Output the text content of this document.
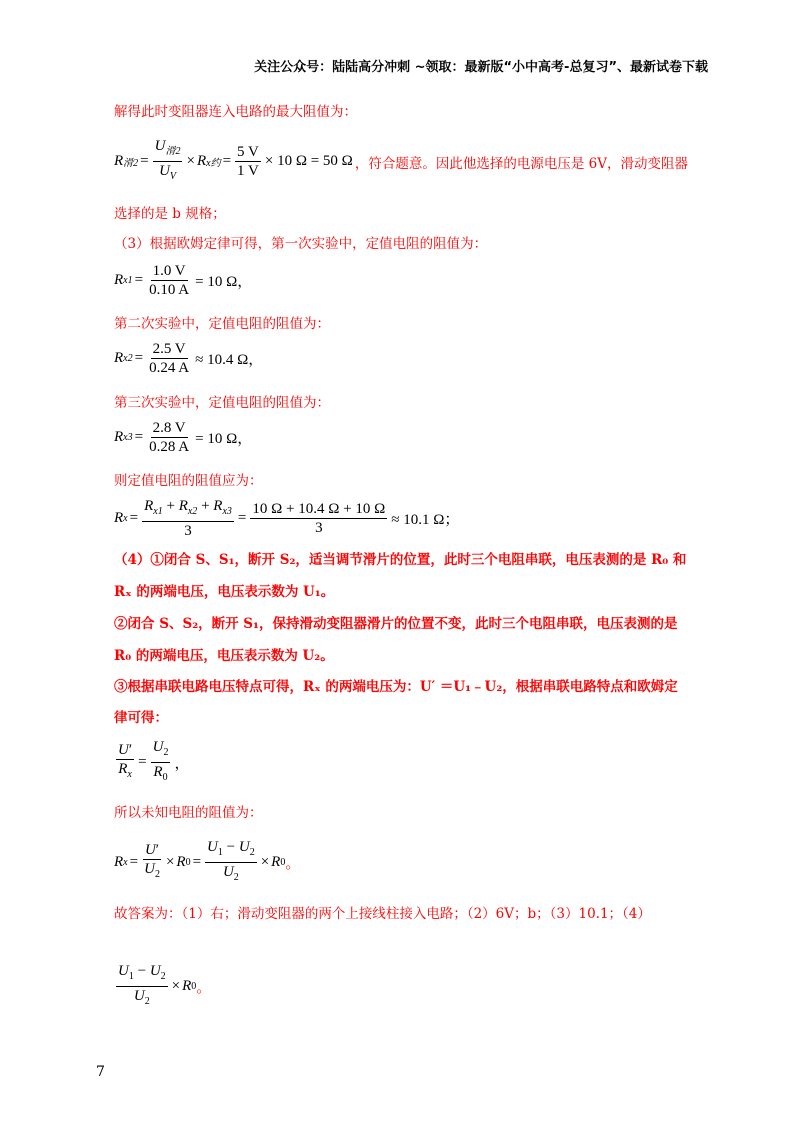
关注公众号：陆陆高分冲刺 ~领取：最新版“小中高考-总复习”、最新试卷下载
解得此时变阻器连入电路的最大阻值为：
R 滑$2 = \frac{U_{滑2}}{U_V} \times R$ x约 = $\frac{5 V}{1 V} \times 10$ Ω = 50 Ω ，符合题意。因此他选择的电源电压是 6V，滑动变阻器
选择的是 b 规格；
（3）根据欧姆定律可得，第一次实验中，定值电阻的阻值为：
R $x1 = \frac{1.0 V}{0.10 A} = 10$ Ω，
第二次实验中，定值电阻的阻值为：
R $x2 = \frac{2.5 V}{0.24 A} \approx 10.4$ Ω，
第三次实验中，定值电阻的阻值为：
R $x3 = \frac{2.8 V}{0.28 A} = 10$ Ω，
则定值电阻的阻值应为：
R $x = \frac{R_{x1} + R_{x2} + R_{x3}}{3} = \frac{10 \Omega + 10.4 \Omega + 10 \Omega}{3} \approx 10.1$ Ω；
（4）①闭合 S、S₁，断开 S₂，适当调节滑片的位置，此时三个电阻串联，电压表测的是 R₀ 和
Rₓ 的两端电压，电压表示数为 U₁。
②闭合 S、S₂，断开 S₁，保持滑动变阻器滑片的位置不变，此时三个电阻串联，电压表测的是
R₀ 的两端电压，电压表示数为 U₂。
③根据串联电路电压特点可得，Rₓ 的两端电压为：U′ ＝U₁﹣U₂，根据串联电路特点和欧姆定
律可得：
$\frac{U'}{R_x} = \frac{U_2}{R_0}$ ，
所以未知电阻的阻值为：
R $x = \frac{U'}{U_2} \times R$ $0 = \frac{U_1 - U_2}{U_2} \times R$ 0 。
故答案为：（1）右；滑动变阻器的两个上接线柱接入电路；（2）6V；b；（3）10.1；（4）
$\frac{U_1 - U_2}{U_2} \times R$ 0 。
7
